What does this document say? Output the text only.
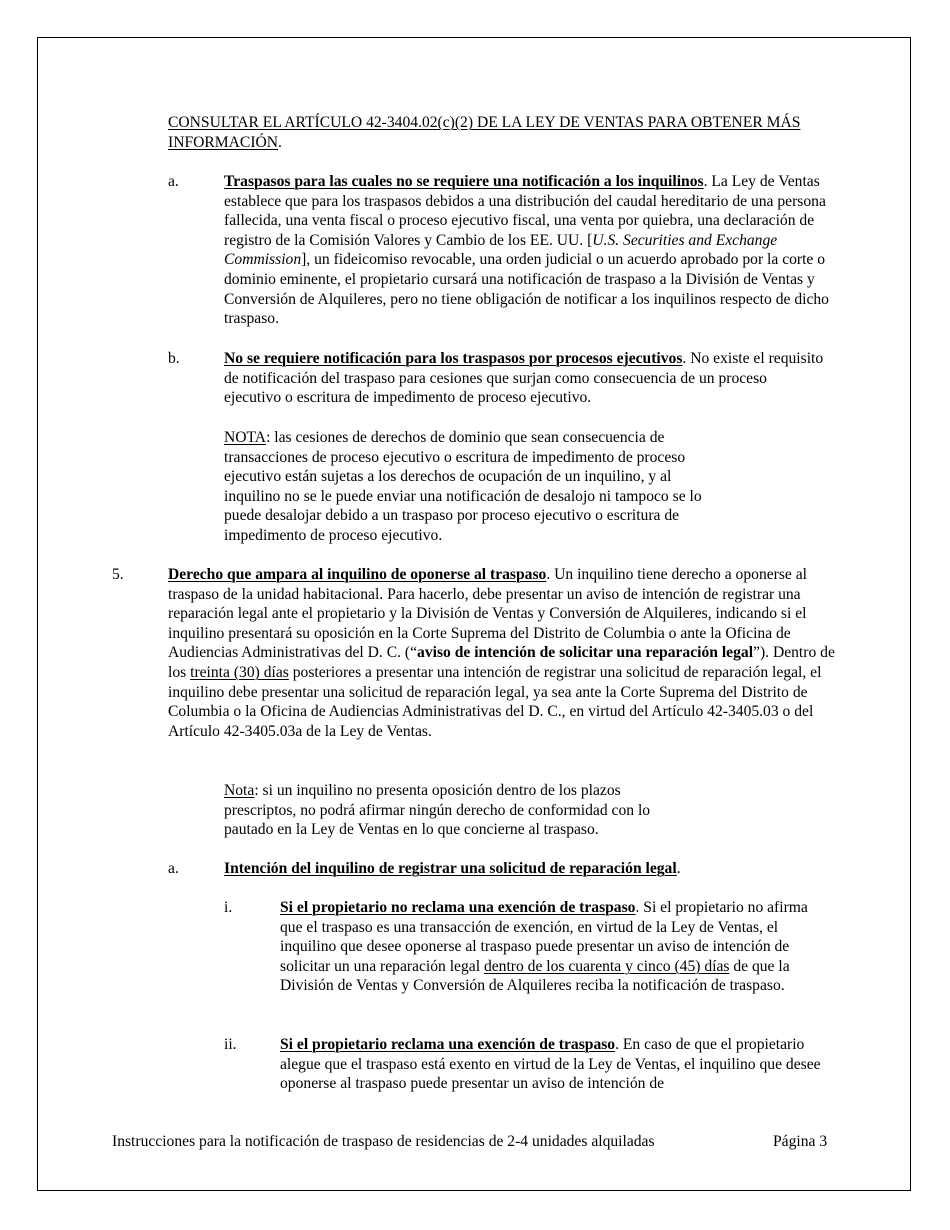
CONSULTAR EL ARTÍCULO 42-3404.02(c)(2) DE LA LEY DE VENTAS PARA OBTENER MÁS INFORMACIÓN.

a.	Traspasos para las cuales no se requiere una notificación a los inquilinos. La Ley de Ventas establece que para los traspasos debidos a una distribución del caudal hereditario de una persona fallecida, una venta fiscal o proceso ejecutivo fiscal, una venta por quiebra, una declaración de registro de la Comisión Valores y Cambio de los EE. UU. [U.S. Securities and Exchange Commission], un fideicomiso revocable, una orden judicial o un acuerdo aprobado por la corte o dominio eminente, el propietario cursará una notificación de traspaso a la División de Ventas y Conversión de Alquileres, pero no tiene obligación de notificar a los inquilinos respecto de dicho traspaso.

b.	No se requiere notificación para los traspasos por procesos ejecutivos. No existe el requisito de notificación del traspaso para cesiones que surjan como consecuencia de un proceso ejecutivo o escritura de impedimento de proceso ejecutivo.

NOTA: las cesiones de derechos de dominio que sean consecuencia de transacciones de proceso ejecutivo o escritura de impedimento de proceso ejecutivo están sujetas a los derechos de ocupación de un inquilino, y al inquilino no se le puede enviar una notificación de desalojo ni tampoco se lo puede desalojar debido a un traspaso por proceso ejecutivo o escritura de impedimento de proceso ejecutivo.

5.	Derecho que ampara al inquilino de oponerse al traspaso. Un inquilino tiene derecho a oponerse al traspaso de la unidad habitacional. Para hacerlo, debe presentar un aviso de intención de registrar una reparación legal ante el propietario y la División de Ventas y Conversión de Alquileres, indicando si el inquilino presentará su oposición en la Corte Suprema del Distrito de Columbia o ante la Oficina de Audiencias Administrativas del D. C. (“aviso de intención de solicitar una reparación legal”). Dentro de los treinta (30) días posteriores a presentar una intención de registrar una solicitud de reparación legal, el inquilino debe presentar una solicitud de reparación legal, ya sea ante la Corte Suprema del Distrito de Columbia o la Oficina de Audiencias Administrativas del D. C., en virtud del Artículo 42-3405.03 o del Artículo 42-3405.03a de la Ley de Ventas.

Nota: si un inquilino no presenta oposición dentro de los plazos prescriptos, no podrá afirmar ningún derecho de conformidad con lo pautado en la Ley de Ventas en lo que concierne al traspaso.

a.	Intención del inquilino de registrar una solicitud de reparación legal.

i.	Si el propietario no reclama una exención de traspaso. Si el propietario no afirma que el traspaso es una transacción de exención, en virtud de la Ley de Ventas, el inquilino que desee oponerse al traspaso puede presentar un aviso de intención de solicitar un una reparación legal dentro de los cuarenta y cinco (45) días de que la División de Ventas y Conversión de Alquileres reciba la notificación de traspaso.

ii.	Si el propietario reclama una exención de traspaso. En caso de que el propietario alegue que el traspaso está exento en virtud de la Ley de Ventas, el inquilino que desee oponerse al traspaso puede presentar un aviso de intención de

Instrucciones para la notificación de traspaso de residencias de 2-4 unidades alquiladas	Página 3
